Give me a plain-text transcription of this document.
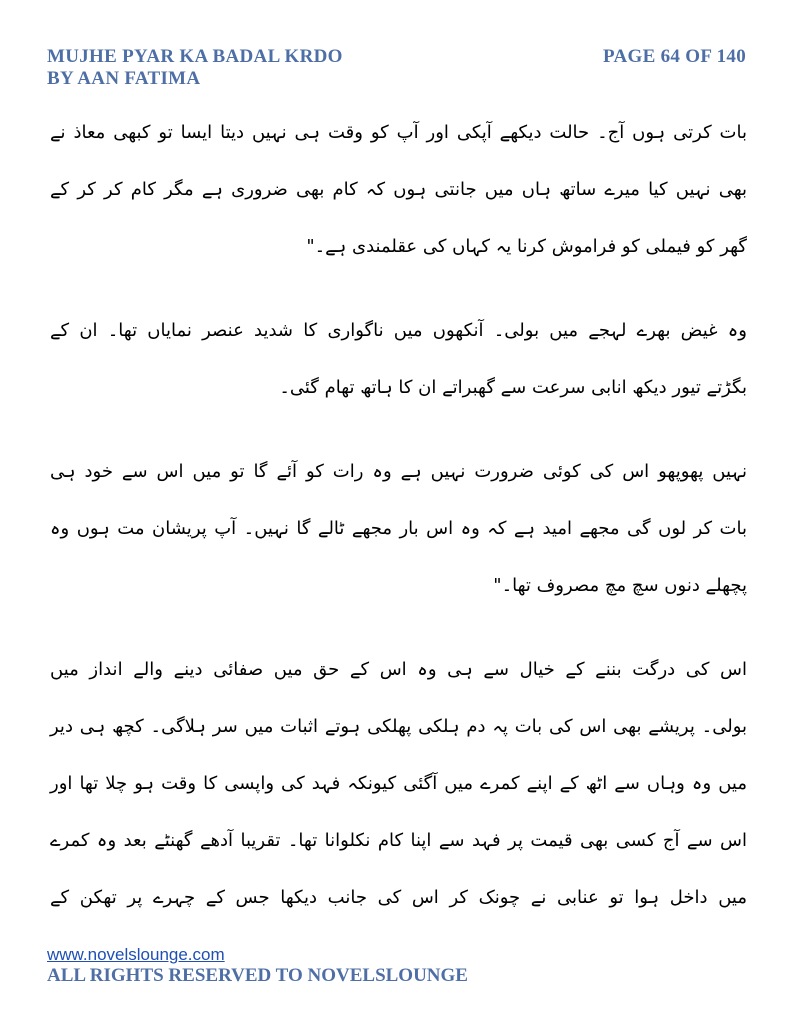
MUJHE PYAR KA BADAL KRDO
BY AAN FATIMA
PAGE 64 OF 140
بات کرتی ہوں آج۔ حالت دیکھے آپکی اور آپ کو وقت ہی نہیں دیتا ایسا تو کبھی معاذ نے
بھی نہیں کیا میرے ساتھ ہاں میں جانتی ہوں کہ کام بھی ضروری ہے مگر کام کر کر کے
گھر کو فیملی کو فراموش کرنا یہ کہاں کی عقلمندی ہے۔"
وہ غیض بھرے لہجے میں بولی۔ آنکھوں میں ناگواری کا شدید عنصر نمایاں تھا۔ ان کے
بگڑتے تیور دیکھ انابی سرعت سے گھبراتے ان کا ہاتھ تھام گئی۔
نہیں پھوپھو اس کی کوئی ضرورت نہیں ہے وہ رات کو آئے گا تو میں اس سے خود ہی
بات کر لوں گی مجھے امید ہے کہ وہ اس بار مجھے ٹالے گا نہیں۔ آپ پریشان مت ہوں وہ
پچھلے دنوں سچ مچ مصروف تھا۔"
اس کی درگت بننے کے خیال سے ہی وہ اس کے حق میں صفائی دینے والے انداز میں
بولی۔ پریشے بھی اس کی بات پہ دم ہلکی پھلکی ہوتے اثبات میں سر ہلاگی۔ کچھ ہی دیر
میں وہ وہاں سے اٹھ کے اپنے کمرے میں آگئی کیونکہ فہد کی واپسی کا وقت ہو چلا تھا اور
اس سے آج کسی بھی قیمت پر فہد سے اپنا کام نکلوانا تھا۔ تقریبا آدھے گھنٹے بعد وہ کمرے
میں داخل ہوا تو عنابی نے چونک کر اس کی جانب دیکھا جس کے چہرے پر تھکن کے
www.novelslounge.com
ALL RIGHTS RESERVED TO NOVELSLOUNGE
